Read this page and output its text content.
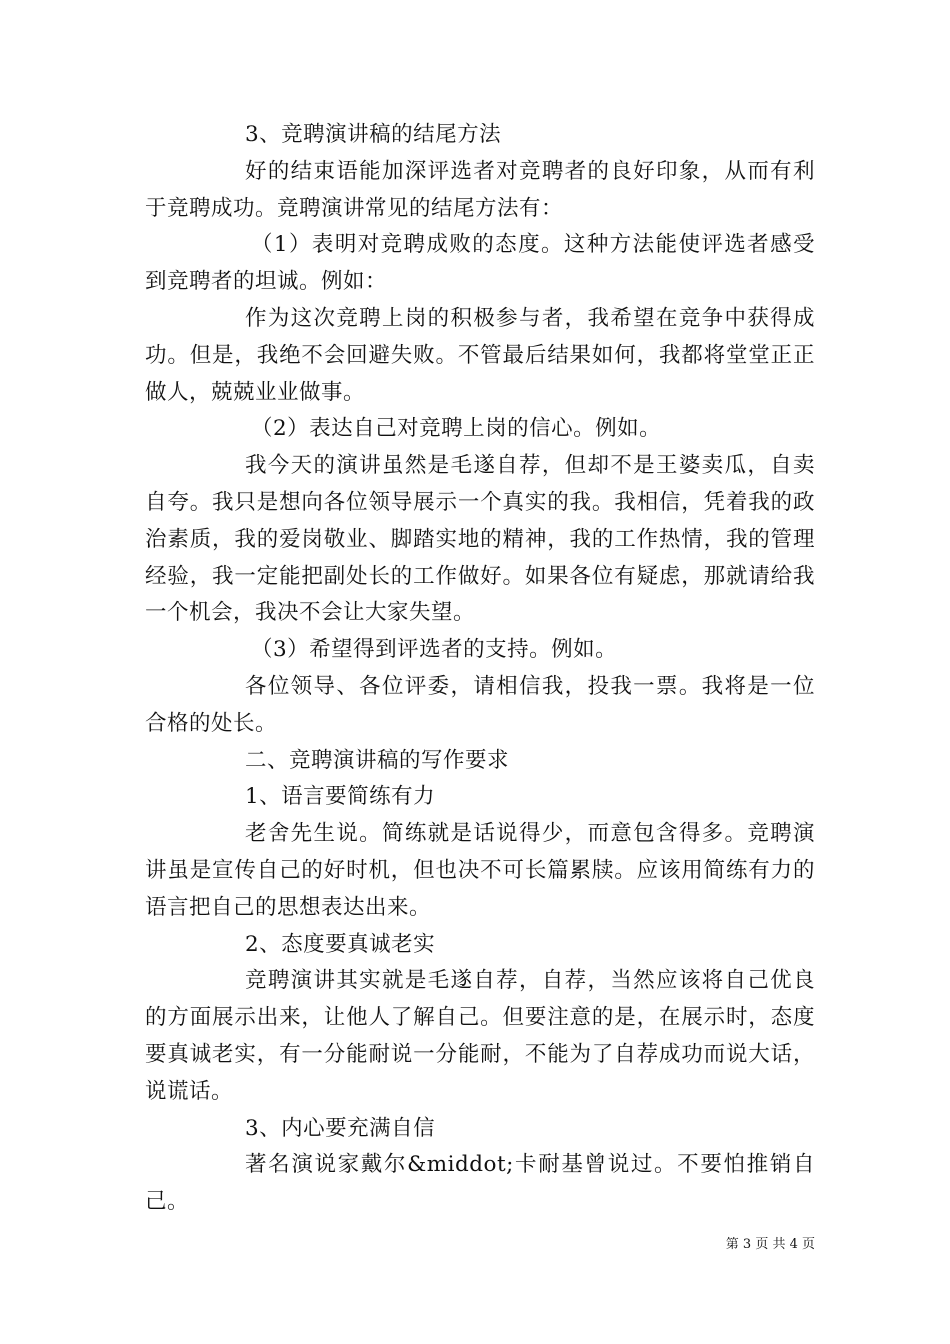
3、竞聘演讲稿的结尾方法

好的结束语能加深评选者对竞聘者的良好印象，从而有利于竞聘成功。竞聘演讲常见的结尾方法有：

（1）表明对竞聘成败的态度。这种方法能使评选者感受到竞聘者的坦诚。例如：

作为这次竞聘上岗的积极参与者，我希望在竞争中获得成功。但是，我绝不会回避失败。不管最后结果如何，我都将堂堂正正做人，兢兢业业做事。

（2）表达自己对竞聘上岗的信心。例如。

我今天的演讲虽然是毛遂自荐，但却不是王婆卖瓜，自卖自夸。我只是想向各位领导展示一个真实的我。我相信，凭着我的政治素质，我的爱岗敬业、脚踏实地的精神，我的工作热情，我的管理经验，我一定能把副处长的工作做好。如果各位有疑虑，那就请给我一个机会，我决不会让大家失望。

（3）希望得到评选者的支持。例如。

各位领导、各位评委，请相信我，投我一票。我将是一位合格的处长。

二、竞聘演讲稿的写作要求

1、语言要简练有力

老舍先生说。简练就是话说得少，而意包含得多。竞聘演讲虽是宣传自己的好时机，但也决不可长篇累牍。应该用简练有力的语言把自己的思想表达出来。

2、态度要真诚老实

竞聘演讲其实就是毛遂自荐，自荐，当然应该将自己优良的方面展示出来，让他人了解自己。但要注意的是，在展示时，态度要真诚老实，有一分能耐说一分能耐，不能为了自荐成功而说大话，说谎话。

3、内心要充满自信

著名演说家戴尔&middot;卡耐基曾说过。不要怕推销自己。

第 3 页 共 4 页
